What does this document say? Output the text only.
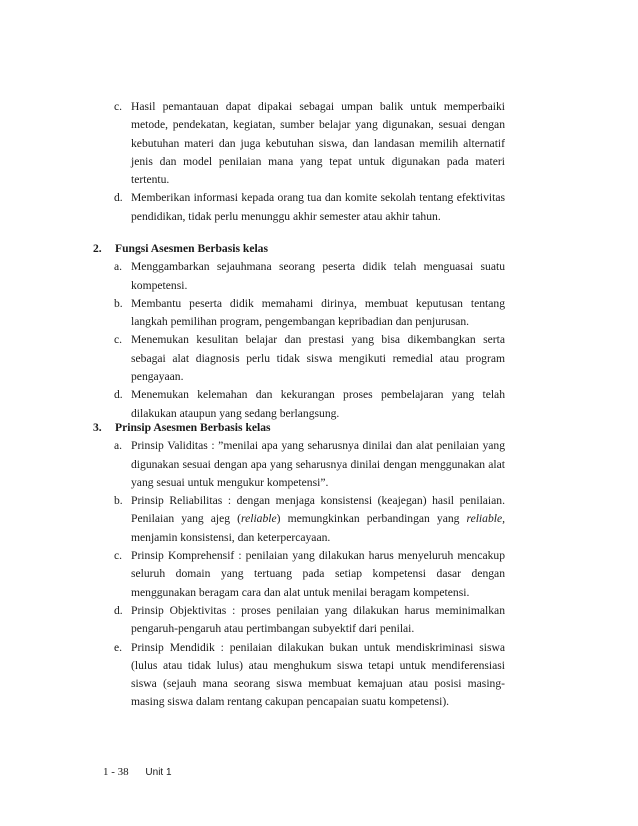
c. Hasil pemantauan dapat dipakai sebagai umpan balik untuk memperbaiki metode, pendekatan, kegiatan, sumber belajar yang digunakan, sesuai dengan kebutuhan materi dan juga kebutuhan siswa, dan landasan memilih alternatif jenis dan model penilaian mana yang tepat untuk digunakan pada materi tertentu.

d. Memberikan informasi kepada orang tua dan komite sekolah tentang efektivitas pendidikan, tidak perlu menunggu akhir semester atau akhir tahun.

2. Fungsi Asesmen Berbasis kelas

a. Menggambarkan sejauhmana seorang peserta didik telah menguasai suatu kompetensi.

b. Membantu peserta didik memahami dirinya, membuat keputusan tentang langkah pemilihan program, pengembangan kepribadian dan penjurusan.

c. Menemukan kesulitan belajar dan prestasi yang bisa dikembangkan serta sebagai alat diagnosis perlu tidak siswa mengikuti remedial atau program pengayaan.

d. Menemukan kelemahan dan kekurangan proses pembelajaran yang telah dilakukan ataupun yang sedang berlangsung.

3. Prinsip Asesmen Berbasis kelas

a. Prinsip Validitas : ”menilai apa yang seharusnya dinilai dan alat penilaian yang digunakan sesuai dengan apa yang seharusnya dinilai dengan menggunakan alat yang sesuai untuk mengukur kompetensi”.

b. Prinsip Reliabilitas : dengan menjaga konsistensi (keajegan) hasil penilaian. Penilaian yang ajeg (reliable) memungkinkan perbandingan yang reliable, menjamin konsistensi, dan keterpercayaan.

c. Prinsip Komprehensif : penilaian yang dilakukan harus menyeluruh mencakup seluruh domain yang tertuang pada setiap kompetensi dasar dengan menggunakan beragam cara dan alat untuk menilai beragam kompetensi.

d. Prinsip Objektivitas : proses penilaian yang dilakukan harus meminimalkan pengaruh-pengaruh atau pertimbangan subyektif dari penilai.

e. Prinsip Mendidik : penilaian dilakukan bukan untuk mendiskriminasi siswa (lulus atau tidak lulus) atau menghukum siswa tetapi untuk mendiferensiasi siswa (sejauh mana seorang siswa membuat kemajuan atau posisi masing-masing siswa dalam rentang cakupan pencapaian suatu kompetensi).

1 - 38 Unit 1
